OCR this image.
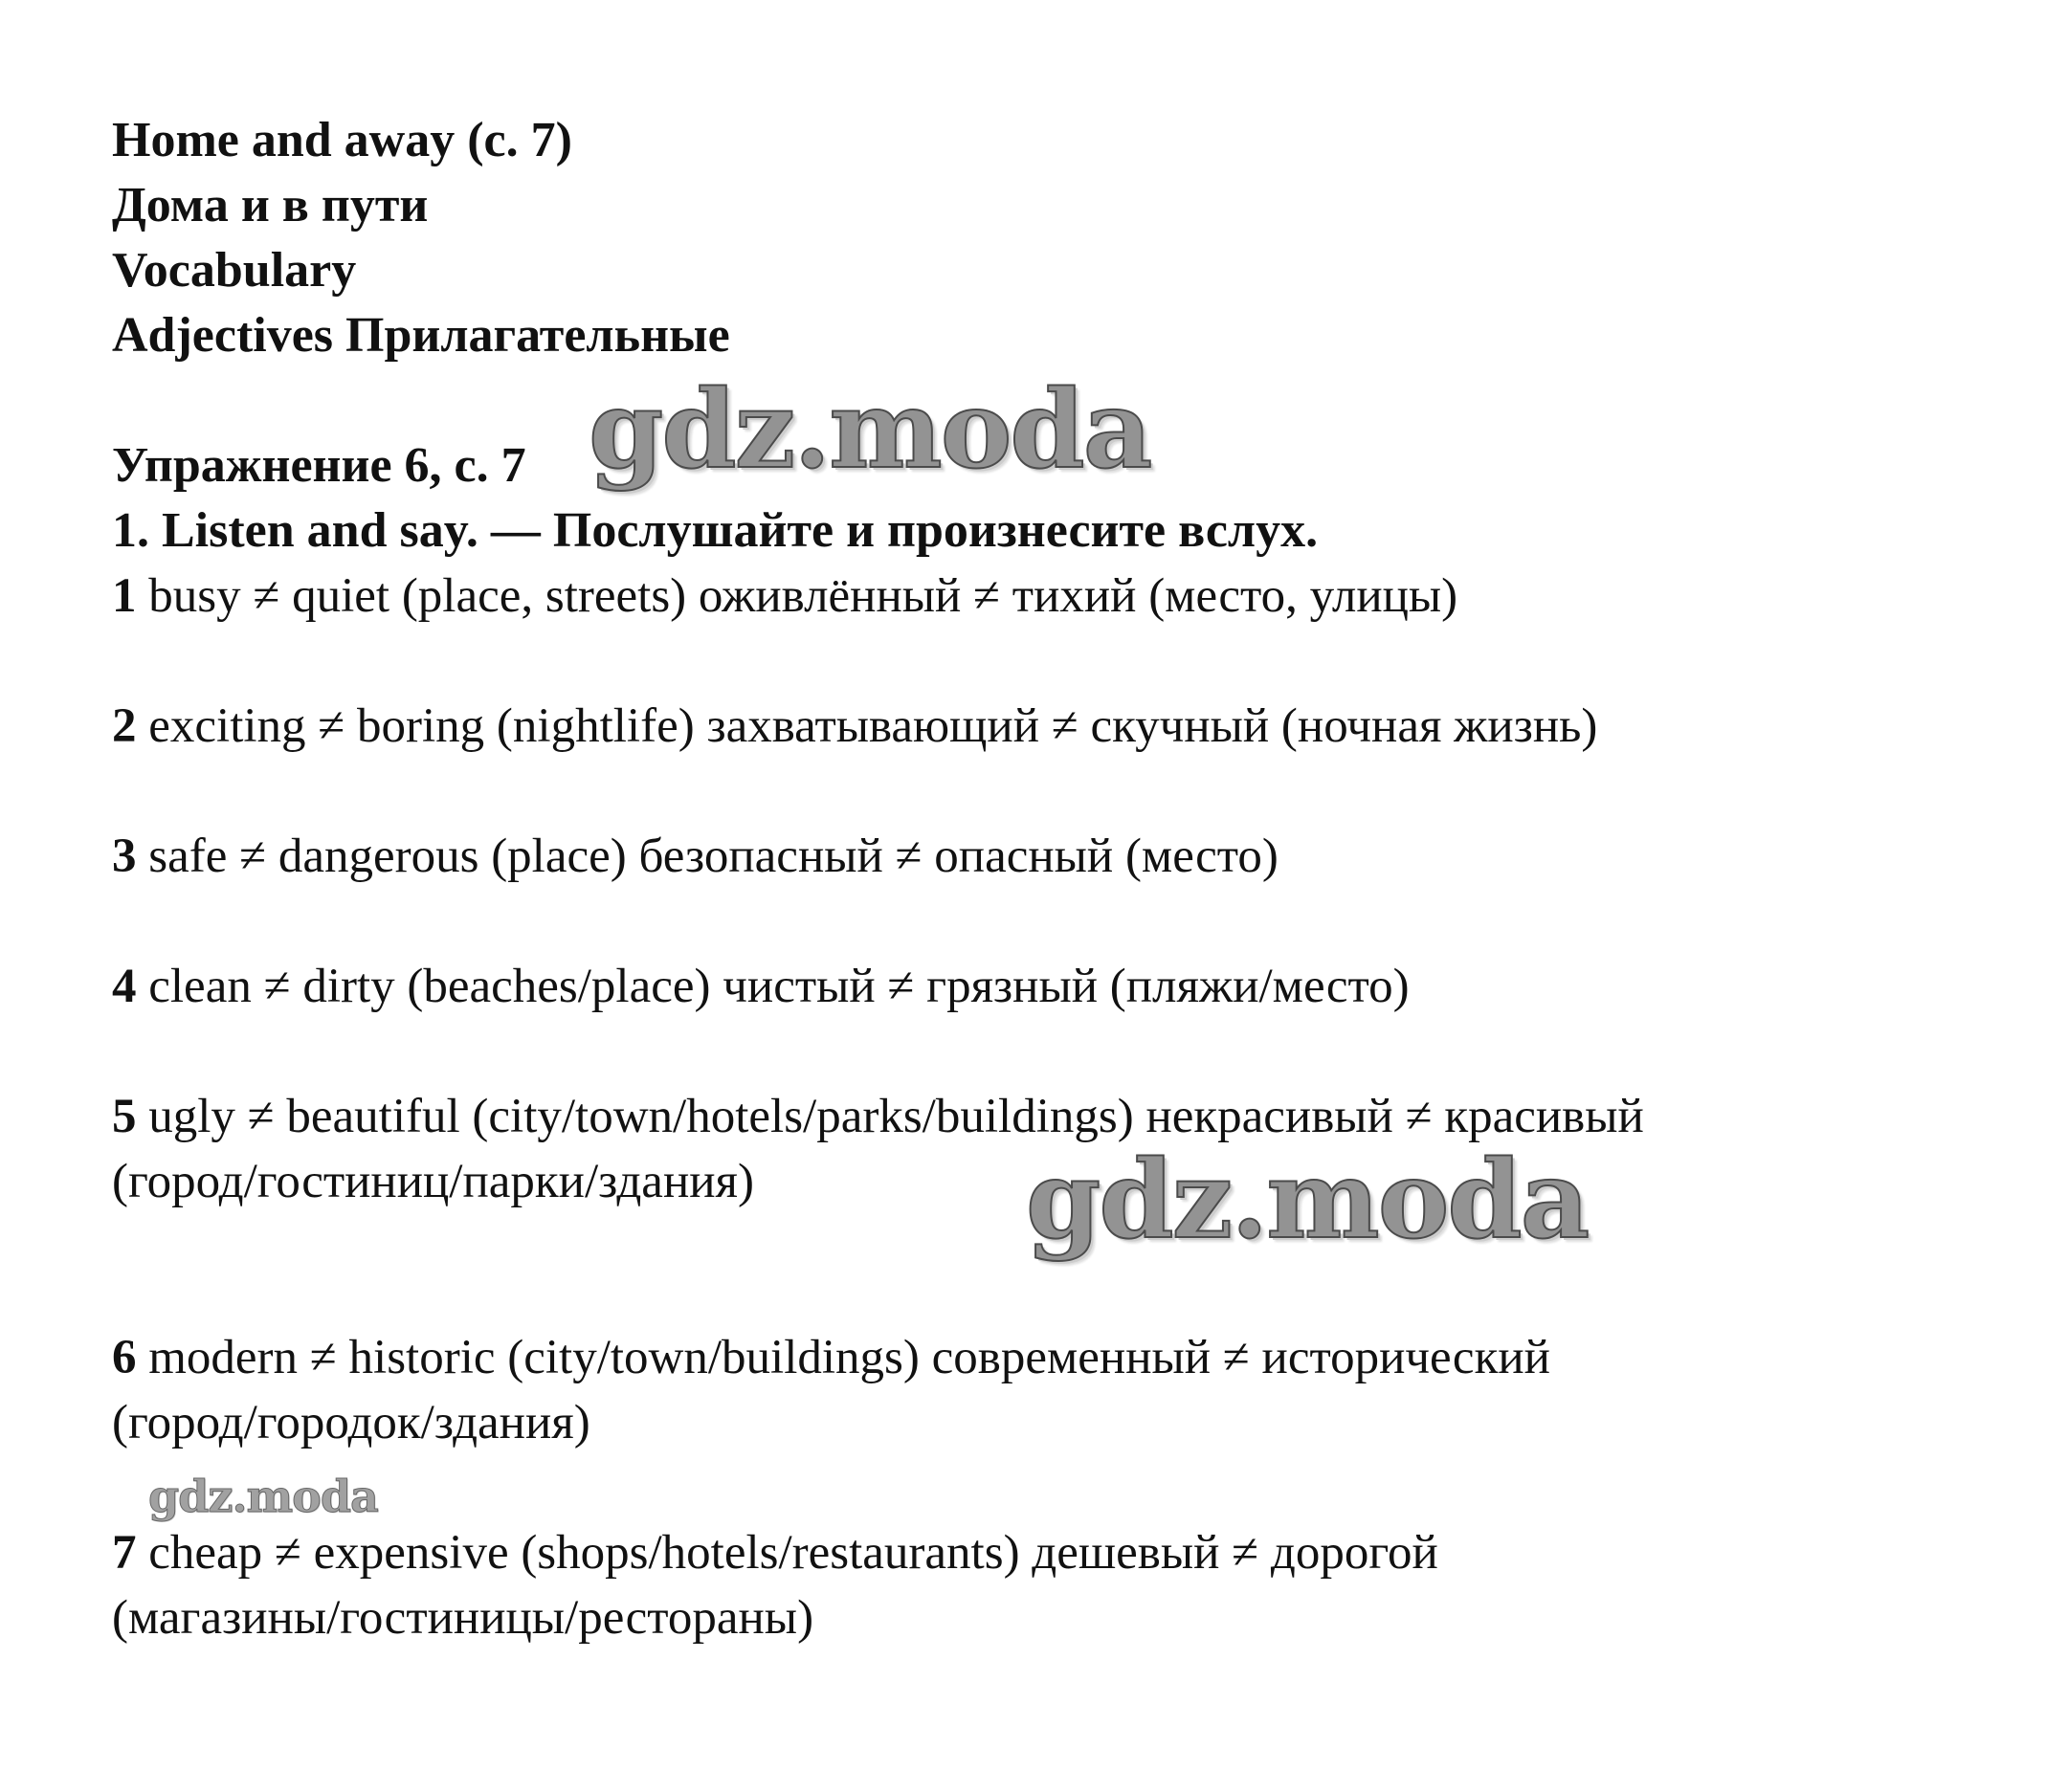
Home and away (c. 7)
Дома и в пути
Vocabulary
Adjectives Прилагательные
Упражнение 6, с. 7
1. Listen and say. — Послушайте и произнесите вслух.
1 busy ≠ quiet (place, streets) оживлённый ≠ тихий (место, улицы)
2 exciting ≠ boring (nightlife) захватывающий ≠ скучный (ночная жизнь)
3 safe ≠ dangerous (place) безопасный ≠ опасный (место)
4 clean ≠ dirty (beaches/place) чистый ≠ грязный (пляжи/место)
5 ugly ≠ beautiful (city/town/hotels/parks/buildings) некрасивый ≠ красивый
(город/гостиниц/парки/здания)
6 modern ≠ historic (city/town/buildings) современный ≠ исторический
(город/городок/здания)
7 cheap ≠ expensive (shops/hotels/restaurants) дешевый ≠ дорогой
(магазины/гостиницы/рестораны)
gdz.moda
gdz.moda
gdz.moda
